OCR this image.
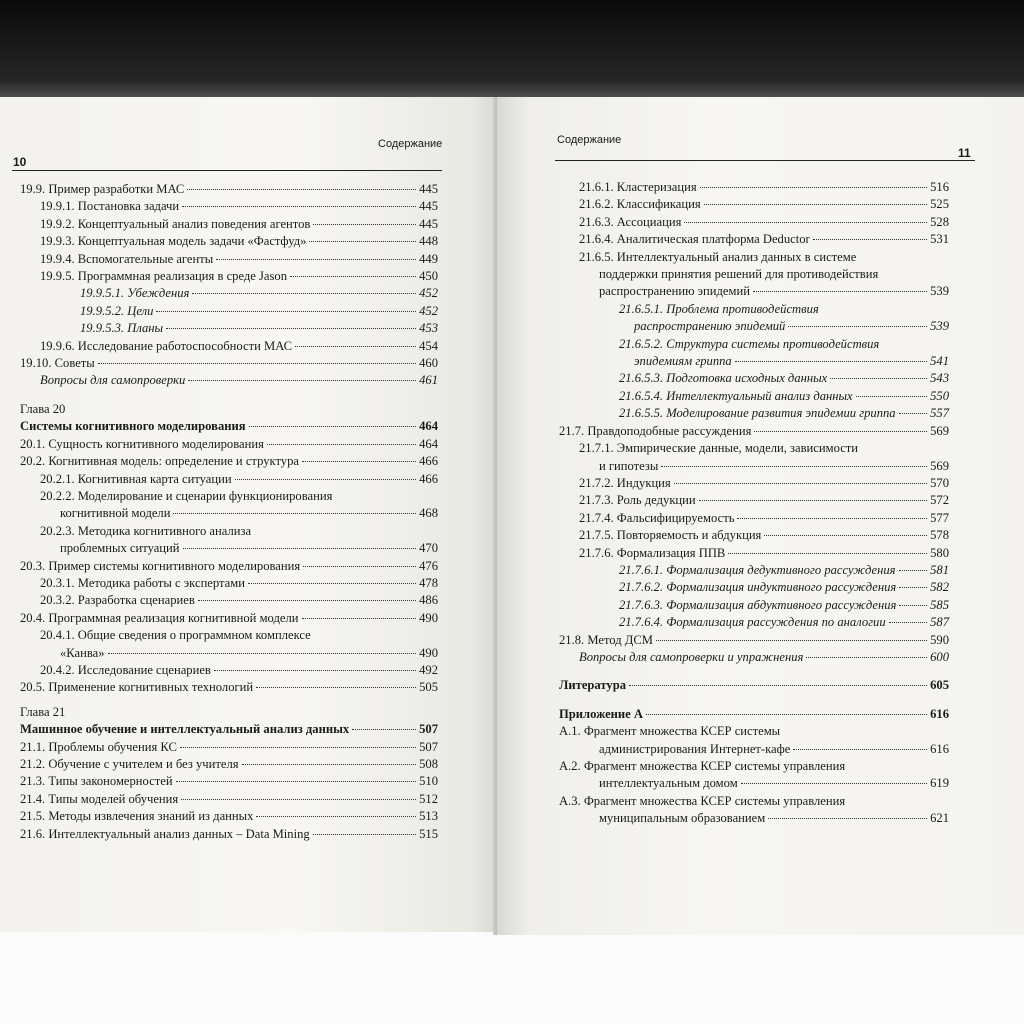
Содержание
10
19.9. Пример разработки МАС	445
19.9.1. Постановка задачи	445
19.9.2. Концептуальный анализ поведения агентов	445
19.9.3. Концептуальная модель задачи «Фастфуд»	448
19.9.4. Вспомогательные агенты	449
19.9.5. Программная реализация в среде Jason	450
19.9.5.1. Убеждения	452
19.9.5.2. Цели	452
19.9.5.3. Планы	453
19.9.6. Исследование работоспособности МАС	454
19.10. Советы	460
Вопросы для самопроверки	461
Глава 20
Системы когнитивного моделирования	464
20.1. Сущность когнитивного моделирования	464
20.2. Когнитивная модель: определение и структура	466
20.2.1. Когнитивная карта ситуации	466
20.2.2. Моделирование и сценарии функционирования
когнитивной модели	468
20.2.3. Методика когнитивного анализа
проблемных ситуаций	470
20.3. Пример системы когнитивного моделирования	476
20.3.1. Методика работы с экспертами	478
20.3.2. Разработка сценариев	486
20.4. Программная реализация когнитивной модели	490
20.4.1. Общие сведения о программном комплексе
«Канва»	490
20.4.2. Исследование сценариев	492
20.5. Применение когнитивных технологий	505
Глава 21
Машинное обучение и интеллектуальный анализ данных	507
21.1. Проблемы обучения КС	507
21.2. Обучение с учителем и без учителя	508
21.3. Типы закономерностей	510
21.4. Типы моделей обучения	512
21.5. Методы извлечения знаний из данных	513
21.6. Интеллектуальный анализ данных – Data Mining	515
Содержание
11
21.6.1. Кластеризация	516
21.6.2. Классификация	525
21.6.3. Ассоциация	528
21.6.4. Аналитическая платформа Deductor	531
21.6.5. Интеллектуальный анализ данных в системе
поддержки принятия решений для противодействия
распространению эпидемий	539
21.6.5.1. Проблема противодействия
распространению эпидемий	539
21.6.5.2. Структура системы противодействия
эпидемиям гриппа	541
21.6.5.3. Подготовка исходных данных	543
21.6.5.4. Интеллектуальный анализ данных	550
21.6.5.5. Моделирование развития эпидемии гриппа	557
21.7. Правдоподобные рассуждения	569
21.7.1. Эмпирические данные, модели, зависимости
и гипотезы	569
21.7.2. Индукция	570
21.7.3. Роль дедукции	572
21.7.4. Фальсифицируемость	577
21.7.5. Повторяемость и абдукция	578
21.7.6. Формализация ППВ	580
21.7.6.1. Формализация дедуктивного рассуждения	581
21.7.6.2. Формализация индуктивного рассуждения	582
21.7.6.3. Формализация абдуктивного рассуждения	585
21.7.6.4. Формализация рассуждения по аналогии	587
21.8. Метод ДСМ	590
Вопросы для самопроверки и упражнения	600
Литература	605
Приложение А	616
А.1. Фрагмент множества КСЕР системы
администрирования Интернет-кафе	616
А.2. Фрагмент множества КСЕР системы управления
интеллектуальным домом	619
А.3. Фрагмент множества КСЕР системы управления
муниципальным образованием	621
